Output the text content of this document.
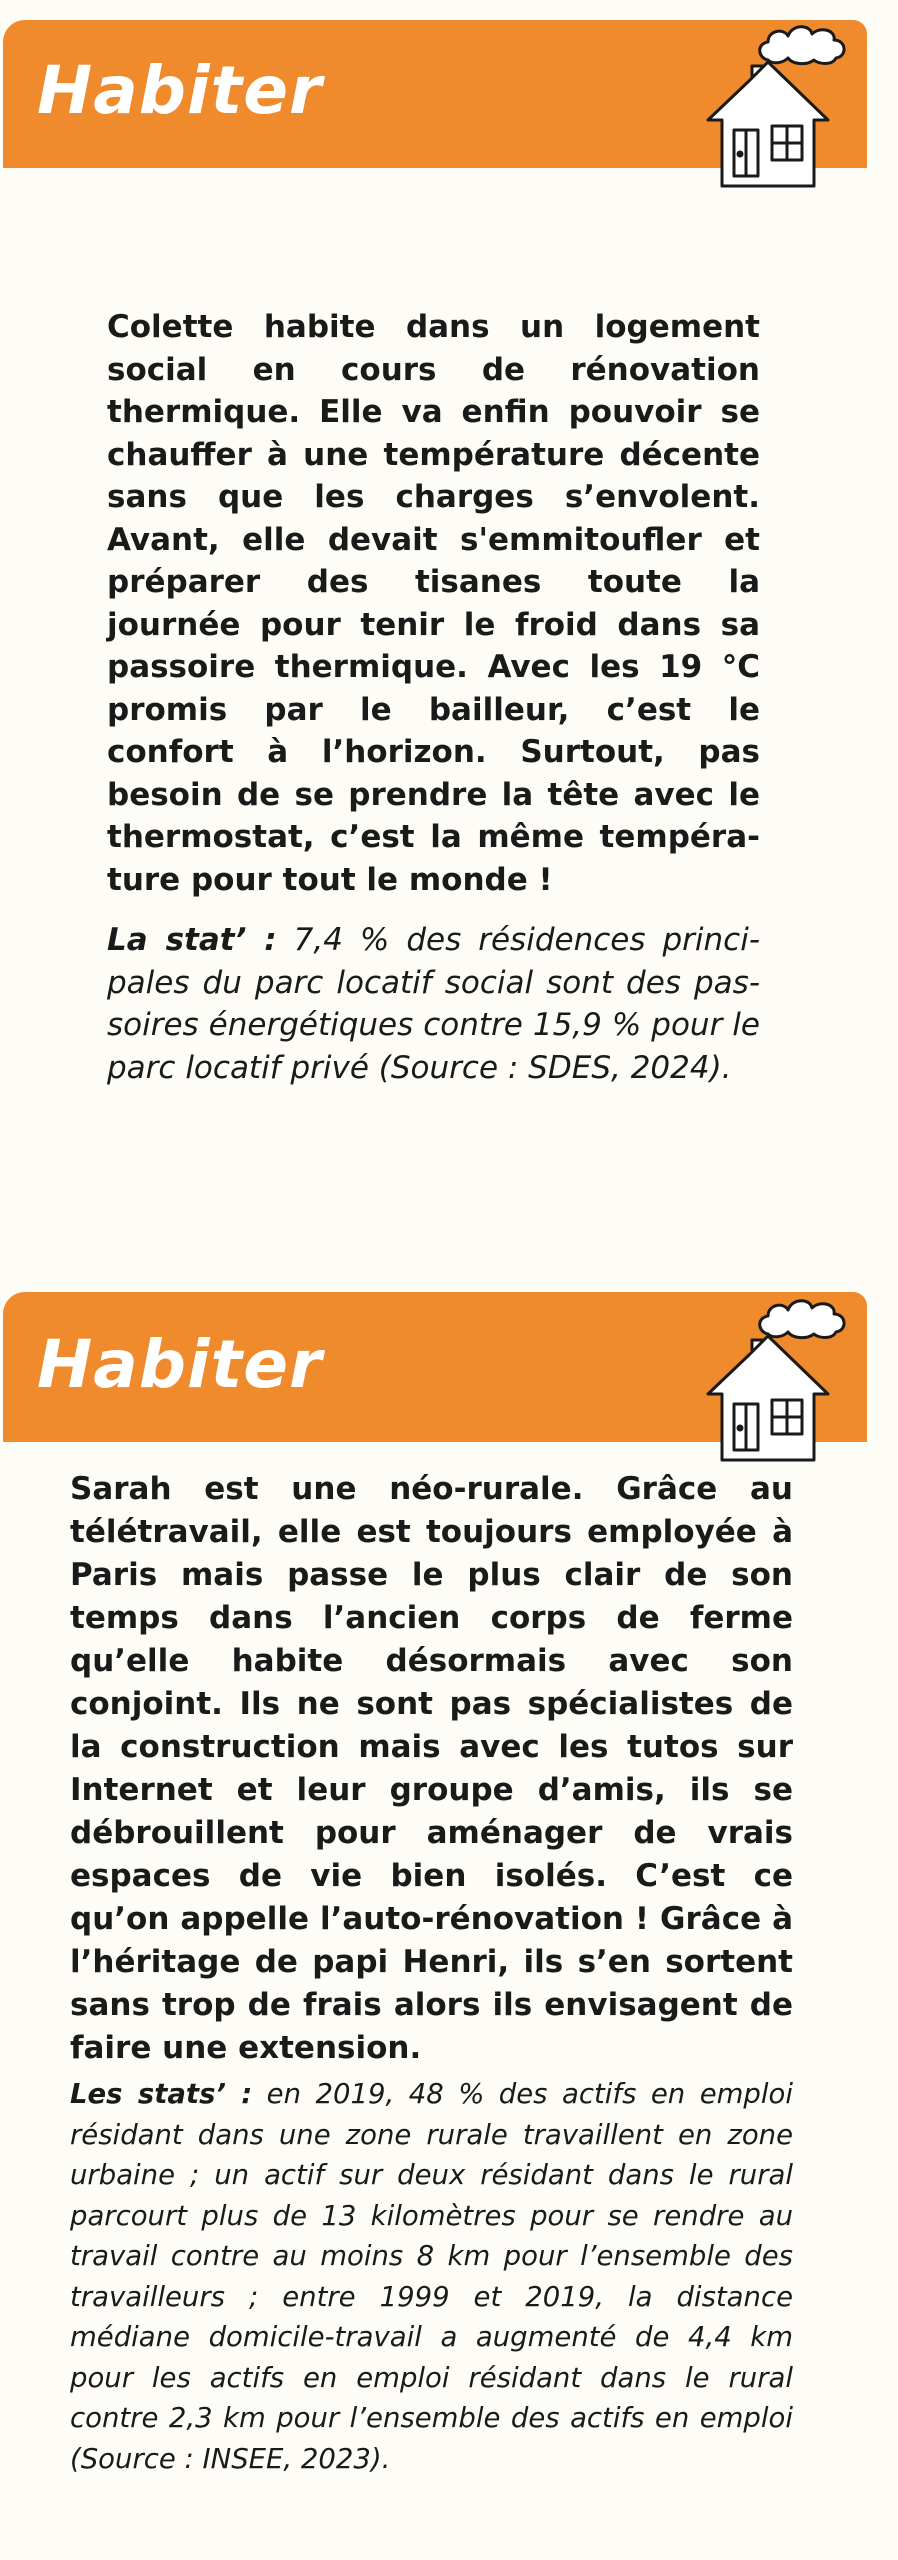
Habiter

Colette habite dans un logement social en cours de rénovation thermique. Elle va enfin pouvoir se chauffer à une température décente sans que les charges s’envolent. Avant, elle devait s'emmitoufler et préparer des tisanes toute la journée pour tenir le froid dans sa passoire thermique. Avec les 19 °C promis par le bailleur, c’est le confort à l’horizon. Surtout, pas besoin de se prendre la tête avec le thermostat, c’est la même température pour tout le monde !

La stat’ : 7,4 % des résidences principales du parc locatif social sont des passoires énergétiques contre 15,9 % pour le parc locatif privé (Source : SDES, 2024).

Habiter

Sarah est une néo-rurale. Grâce au télétravail, elle est toujours employée à Paris mais passe le plus clair de son temps dans l’ancien corps de ferme qu’elle habite désormais avec son conjoint. Ils ne sont pas spécialistes de la construction mais avec les tutos sur Internet et leur groupe d’amis, ils se débrouillent pour aménager de vrais espaces de vie bien isolés. C’est ce qu’on appelle l’auto-rénovation ! Grâce à l’héritage de papi Henri, ils s’en sortent sans trop de frais alors ils envisagent de faire une extension.

Les stats’ : en 2019, 48 % des actifs en emploi résidant dans une zone rurale travaillent en zone urbaine ; un actif sur deux résidant dans le rural parcourt plus de 13 kilomètres pour se rendre au travail contre au moins 8 km pour l’ensemble des travailleurs ; entre 1999 et 2019, la distance médiane domicile-travail a augmenté de 4,4 km pour les actifs en emploi résidant dans le rural contre 2,3 km pour l’ensemble des actifs en emploi (Source : INSEE, 2023).
